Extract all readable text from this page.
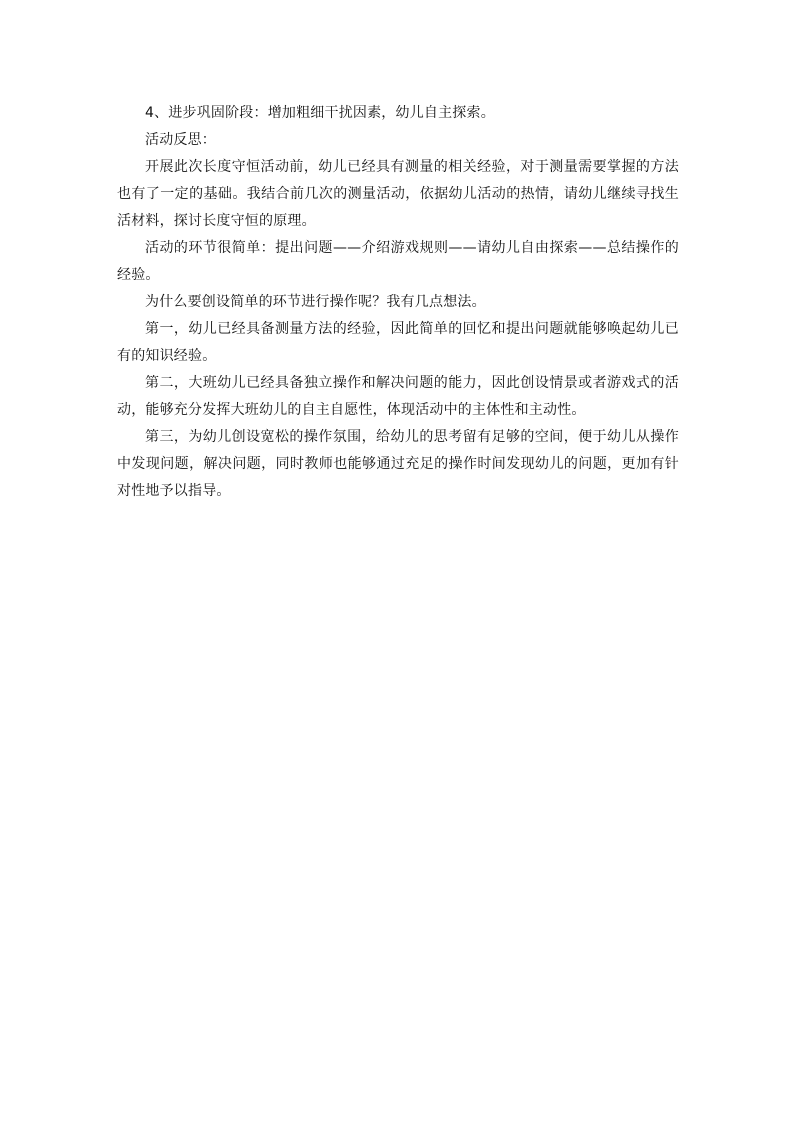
4、进步巩固阶段：增加粗细干扰因素，幼儿自主探索。

活动反思：

开展此次长度守恒活动前，幼儿已经具有测量的相关经验，对于测量需要掌握的方法也有了一定的基础。我结合前几次的测量活动，依据幼儿活动的热情，请幼儿继续寻找生活材料，探讨长度守恒的原理。

活动的环节很简单：提出问题——介绍游戏规则——请幼儿自由探索——总结操作的经验。

为什么要创设简单的环节进行操作呢？我有几点想法。

第一，幼儿已经具备测量方法的经验，因此简单的回忆和提出问题就能够唤起幼儿已有的知识经验。

第二，大班幼儿已经具备独立操作和解决问题的能力，因此创设情景或者游戏式的活动，能够充分发挥大班幼儿的自主自愿性，体现活动中的主体性和主动性。

第三，为幼儿创设宽松的操作氛围，给幼儿的思考留有足够的空间，便于幼儿从操作中发现问题，解决问题，同时教师也能够通过充足的操作时间发现幼儿的问题，更加有针对性地予以指导。
